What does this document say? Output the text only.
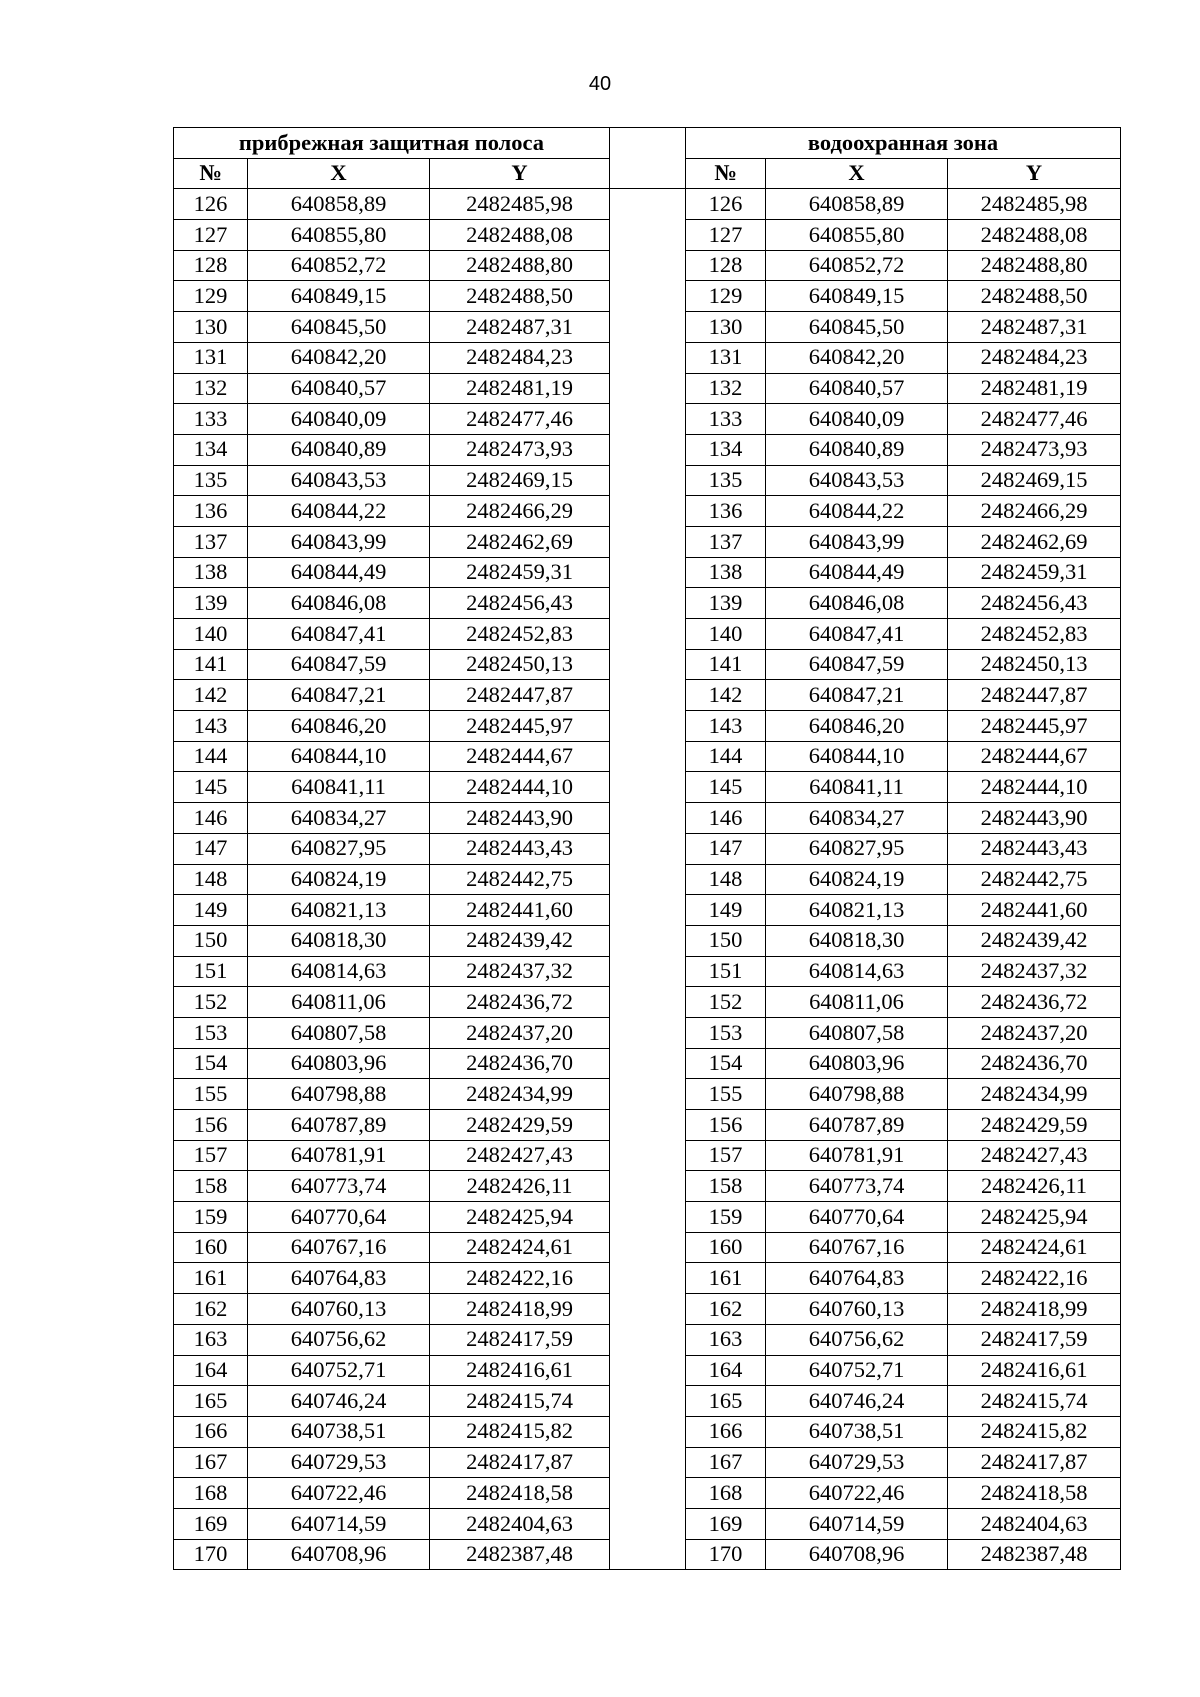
40
прибрежная защитная полоса				водоохранная зона		
№	X	Y		№	X	Y
126	640858,89	2482485,98		126	640858,89	2482485,98
127	640855,80	2482488,08		127	640855,80	2482488,08
128	640852,72	2482488,80		128	640852,72	2482488,80
129	640849,15	2482488,50		129	640849,15	2482488,50
130	640845,50	2482487,31		130	640845,50	2482487,31
131	640842,20	2482484,23		131	640842,20	2482484,23
132	640840,57	2482481,19		132	640840,57	2482481,19
133	640840,09	2482477,46		133	640840,09	2482477,46
134	640840,89	2482473,93		134	640840,89	2482473,93
135	640843,53	2482469,15		135	640843,53	2482469,15
136	640844,22	2482466,29		136	640844,22	2482466,29
137	640843,99	2482462,69		137	640843,99	2482462,69
138	640844,49	2482459,31		138	640844,49	2482459,31
139	640846,08	2482456,43		139	640846,08	2482456,43
140	640847,41	2482452,83		140	640847,41	2482452,83
141	640847,59	2482450,13		141	640847,59	2482450,13
142	640847,21	2482447,87		142	640847,21	2482447,87
143	640846,20	2482445,97		143	640846,20	2482445,97
144	640844,10	2482444,67		144	640844,10	2482444,67
145	640841,11	2482444,10		145	640841,11	2482444,10
146	640834,27	2482443,90		146	640834,27	2482443,90
147	640827,95	2482443,43		147	640827,95	2482443,43
148	640824,19	2482442,75		148	640824,19	2482442,75
149	640821,13	2482441,60		149	640821,13	2482441,60
150	640818,30	2482439,42		150	640818,30	2482439,42
151	640814,63	2482437,32		151	640814,63	2482437,32
152	640811,06	2482436,72		152	640811,06	2482436,72
153	640807,58	2482437,20		153	640807,58	2482437,20
154	640803,96	2482436,70		154	640803,96	2482436,70
155	640798,88	2482434,99		155	640798,88	2482434,99
156	640787,89	2482429,59		156	640787,89	2482429,59
157	640781,91	2482427,43		157	640781,91	2482427,43
158	640773,74	2482426,11		158	640773,74	2482426,11
159	640770,64	2482425,94		159	640770,64	2482425,94
160	640767,16	2482424,61		160	640767,16	2482424,61
161	640764,83	2482422,16		161	640764,83	2482422,16
162	640760,13	2482418,99		162	640760,13	2482418,99
163	640756,62	2482417,59		163	640756,62	2482417,59
164	640752,71	2482416,61		164	640752,71	2482416,61
165	640746,24	2482415,74		165	640746,24	2482415,74
166	640738,51	2482415,82		166	640738,51	2482415,82
167	640729,53	2482417,87		167	640729,53	2482417,87
168	640722,46	2482418,58		168	640722,46	2482418,58
169	640714,59	2482404,63		169	640714,59	2482404,63
170	640708,96	2482387,48		170	640708,96	2482387,48
